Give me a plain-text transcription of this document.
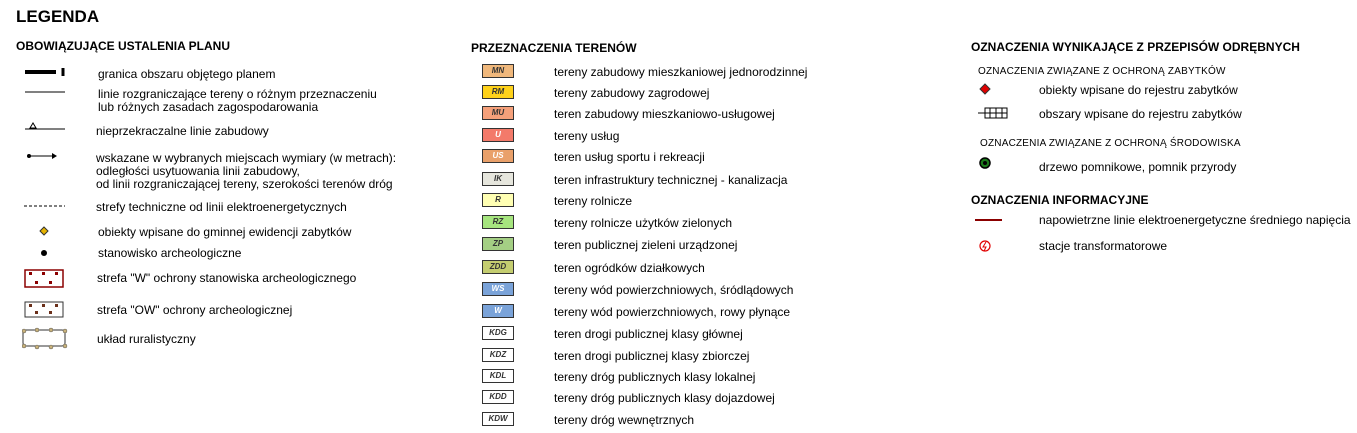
LEGENDA
OBOWIĄZUJĄCE USTALENIA PLANU
granica obszaru objętego planem
linie rozgraniczające tereny o różnym przeznaczeniu
lub różnych zasadach zagospodarowania
nieprzekraczalne linie zabudowy
wskazane w wybranych miejscach wymiary (w metrach):
odległości usytuowania linii zabudowy,
od linii rozgraniczającej tereny, szerokości terenów dróg
strefy techniczne od linii elektroenergetycznych
obiekty wpisane do gminnej ewidencji zabytków
stanowisko archeologiczne
strefa "W" ochrony stanowiska archeologicznego
strefa "OW" ochrony archeologicznej
układ ruralistyczny
PRZEZNACZENIA TERENÓW
MN	tereny zabudowy mieszkaniowej jednorodzinnej
RM	tereny zabudowy zagrodowej
MU	teren zabudowy mieszkaniowo-usługowej
U	tereny usług
US	teren usług sportu i rekreacji
IK	teren infrastruktury technicznej - kanalizacja
R	tereny rolnicze
RZ	tereny rolnicze użytków zielonych
ZP	teren publicznej zieleni urządzonej
ZDD	teren ogródków działkowych
WS	tereny wód powierzchniowych, śródlądowych
W	tereny wód powierzchniowych, rowy płynące
KDG	teren drogi publicznej klasy głównej
KDZ	teren drogi publicznej klasy zbiorczej
KDL	tereny dróg publicznych klasy lokalnej
KDD	tereny dróg publicznych klasy dojazdowej
KDW	tereny dróg wewnętrznych
OZNACZENIA WYNIKAJĄCE Z PRZEPISÓW ODRĘBNYCH
OZNACZENIA ZWIĄZANE Z OCHRONĄ ZABYTKÓW
obiekty wpisane do rejestru zabytków
obszary wpisane do rejestru zabytków
OZNACZENIA ZWIĄZANE Z OCHRONĄ ŚRODOWISKA
drzewo pomnikowe, pomnik przyrody
OZNACZENIA INFORMACYJNE
napowietrzne linie elektroenergetyczne średniego napięcia
stacje transformatorowe
